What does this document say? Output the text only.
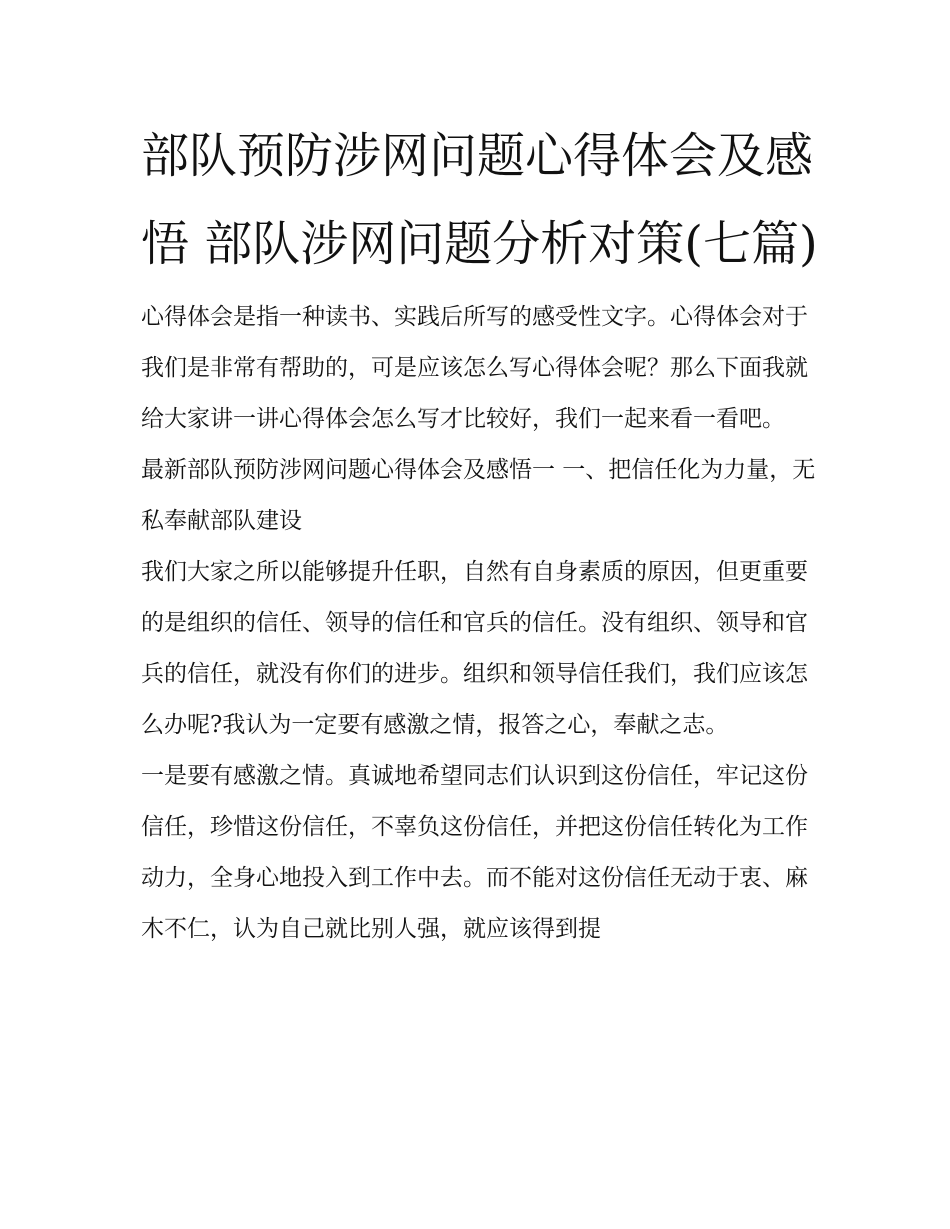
部队预防涉网问题心得体会及感悟 部队涉网问题分析对策(七篇)

心得体会是指一种读书、实践后所写的感受性文字。心得体会对于我们是非常有帮助的，可是应该怎么写心得体会呢？那么下面我就给大家讲一讲心得体会怎么写才比较好，我们一起来看一看吧。

最新部队预防涉网问题心得体会及感悟一 一、把信任化为力量，无私奉献部队建设

我们大家之所以能够提升任职，自然有自身素质的原因，但更重要的是组织的信任、领导的信任和官兵的信任。没有组织、领导和官兵的信任，就没有你们的进步。组织和领导信任我们，我们应该怎么办呢?我认为一定要有感激之情，报答之心，奉献之志。

一是要有感激之情。真诚地希望同志们认识到这份信任，牢记这份信任，珍惜这份信任，不辜负这份信任，并把这份信任转化为工作动力，全身心地投入到工作中去。而不能对这份信任无动于衷、麻木不仁，认为自己就比别人强，就应该得到提
